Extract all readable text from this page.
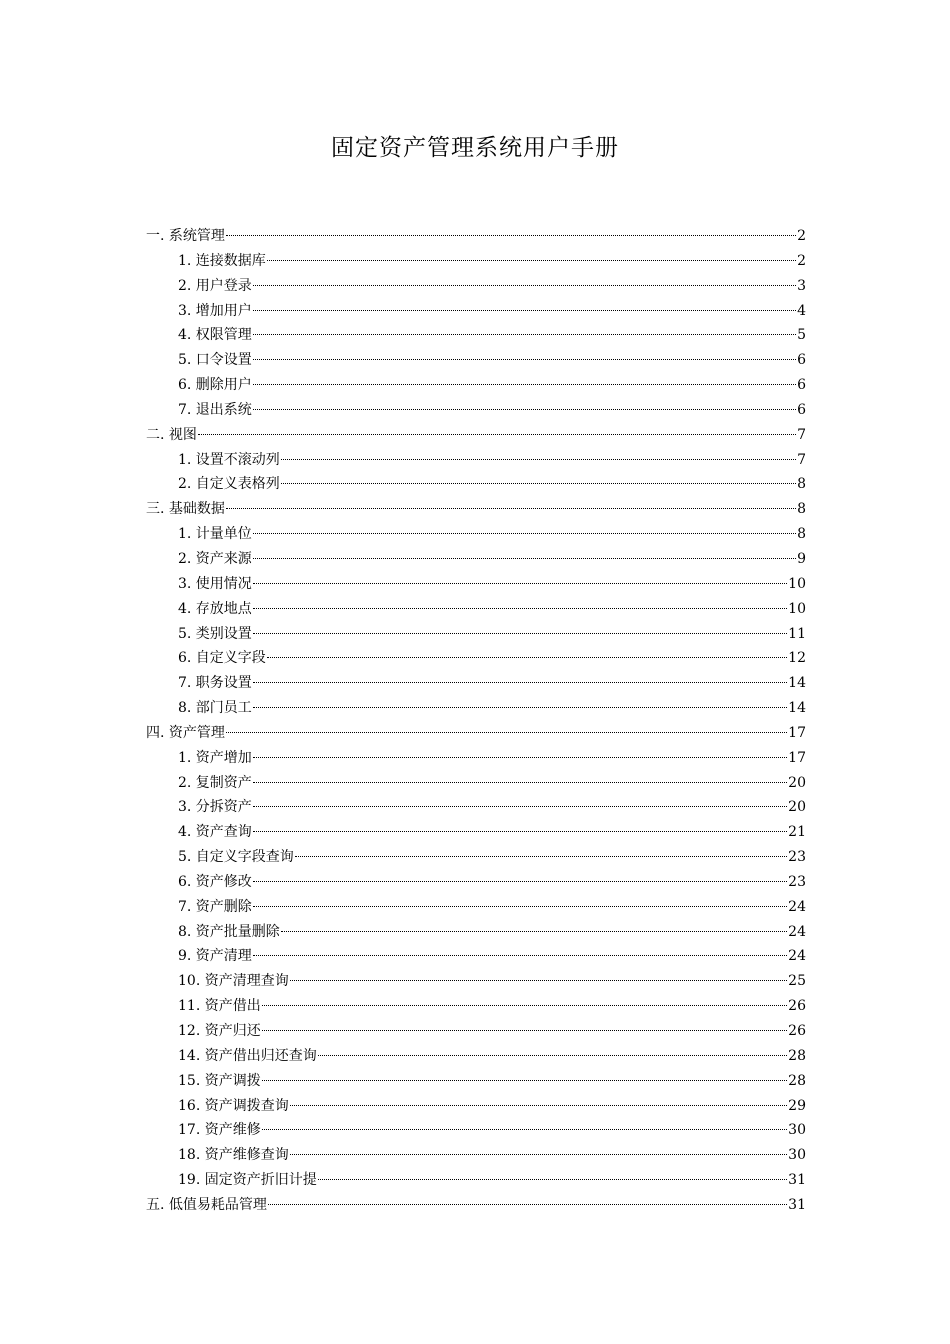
固定资产管理系统用户手册
一. 系统管理	2
1. 连接数据库	2
2. 用户登录	3
3. 增加用户	4
4. 权限管理	5
5. 口令设置	6
6. 删除用户	6
7. 退出系统	6
二. 视图	7
1. 设置不滚动列	7
2. 自定义表格列	8
三. 基础数据	8
1. 计量单位	8
2. 资产来源	9
3. 使用情况	10
4. 存放地点	10
5. 类别设置	11
6. 自定义字段	12
7. 职务设置	14
8. 部门员工	14
四. 资产管理	17
1. 资产增加	17
2. 复制资产	20
3. 分拆资产	20
4. 资产查询	21
5. 自定义字段查询	23
6. 资产修改	23
7. 资产删除	24
8. 资产批量删除	24
9. 资产清理	24
10. 资产清理查询	25
11. 资产借出	26
12. 资产归还	26
14. 资产借出归还查询	28
15. 资产调拨	28
16. 资产调拨查询	29
17. 资产维修	30
18. 资产维修查询	30
19. 固定资产折旧计提	31
五. 低值易耗品管理	31
